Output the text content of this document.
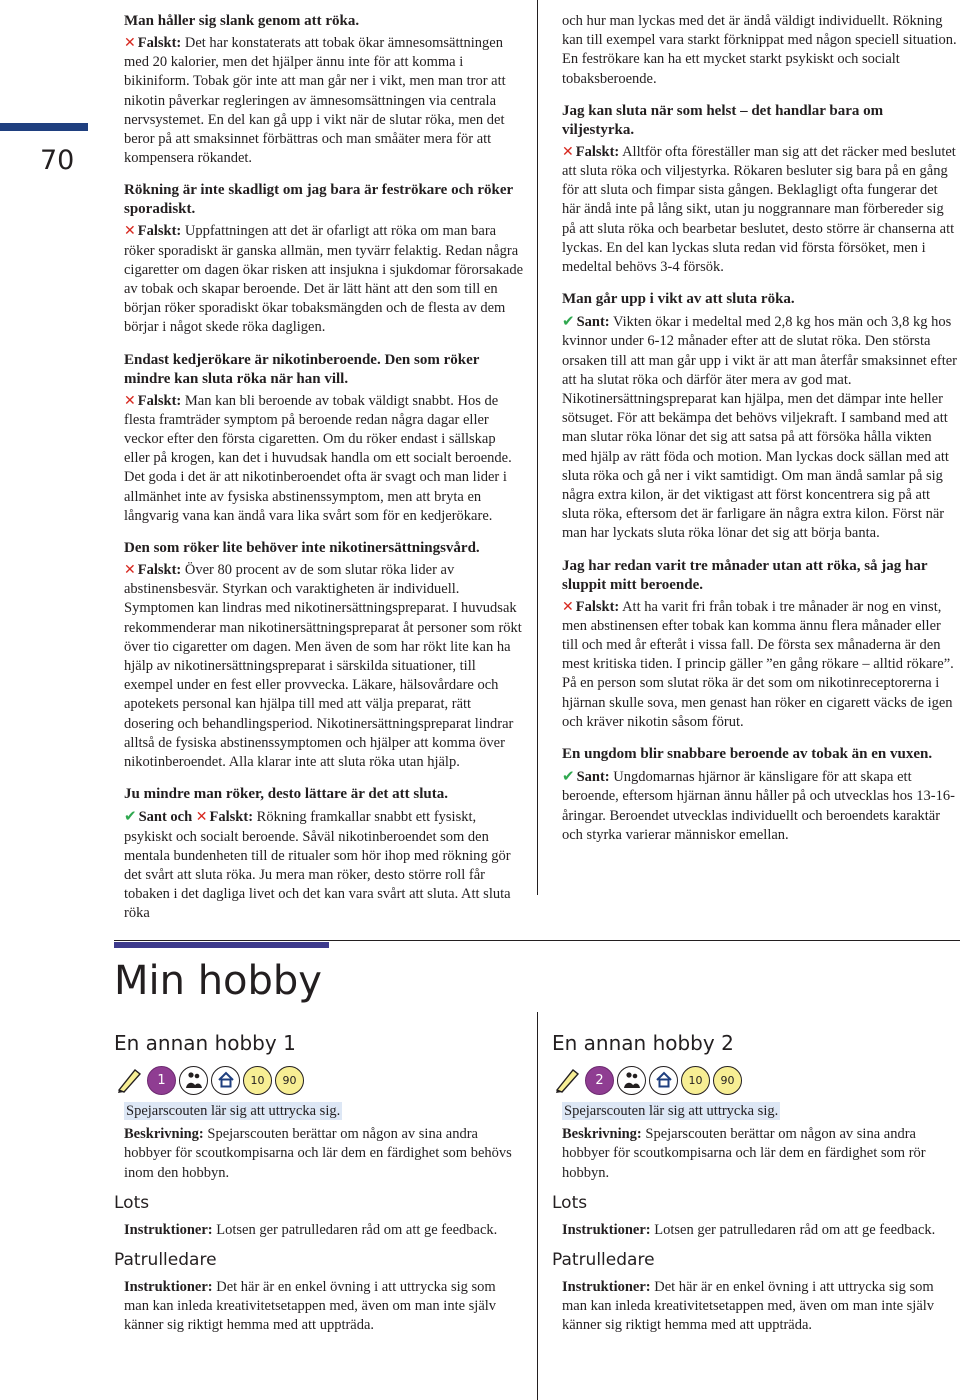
70
Man håller sig slank genom att röka.

✕ Falskt: Det har konstaterats att tobak ökar ämnesomsättningen med 20 kalorier, men det hjälper ännu inte för att komma i bikiniform. Tobak gör inte att man går ner i vikt, men man tror att nikotin påverkar regleringen av ämnesomsättningen via centrala nervsystemet. En del kan gå upp i vikt när de slutar röka, men det beror på att smaksinnet förbättras och man småäter mera för att kompensera rökandet.

Rökning är inte skadligt om jag bara är feströkare och röker sporadiskt.

✕ Falskt: Uppfattningen att det är ofarligt att röka om man bara röker sporadiskt är ganska allmän, men tyvärr felaktig. Redan några cigaretter om dagen ökar risken att insjukna i sjukdomar förorsakade av tobak och skapar beroende. Det är lätt hänt att den som till en början röker sporadiskt ökar tobaksmängden och de flesta av dem börjar i något skede röka dagligen.

Endast kedjerökare är nikotinberoende. Den som röker mindre kan sluta röka när han vill.

✕ Falskt: Man kan bli beroende av tobak väldigt snabbt. Hos de flesta framträder symptom på beroende redan några dagar eller veckor efter den första cigaretten. Om du röker endast i sällskap eller på krogen, kan det i huvudsak handla om ett socialt beroende. Det goda i det är att nikotinberoendet ofta är svagt och man lider i allmänhet inte av fysiska abstinenssymptom, men att bryta en långvarig vana kan ändå vara lika svårt som för en kedjerökare.

Den som röker lite behöver inte nikotinersättningsvård.

✕ Falskt: Över 80 procent av de som slutar röka lider av abstinensbesvär. Styrkan och varaktigheten är individuell. Symptomen kan lindras med nikotinersättningspreparat. I huvudsak rekommenderar man nikotinersättningspreparat åt personer som rökt över tio cigaretter om dagen. Men även de som har rökt lite kan ha hjälp av nikotinersättningspreparat i särskilda situationer, till exempel under en fest eller provvecka. Läkare, hälsovårdare och apotekets personal kan hjälpa till med att välja preparat, rätt dosering och behandlingsperiod. Nikotinersättningspreparat lindrar alltså de fysiska abstinenssymptomen och hjälper att komma över nikotinberoendet. Alla klarar inte att sluta röka utan hjälp.

Ju mindre man röker, desto lättare är det att sluta.

✔ Sant och ✕ Falskt: Rökning framkallar snabbt ett fysiskt, psykiskt och socialt beroende. Såväl nikotinberoendet som den mentala bundenheten till de ritualer som hör ihop med rökning gör det svårt att sluta röka. Ju mera man röker, desto större roll får tobaken i det dagliga livet och det kan vara svårt att sluta. Att sluta röka

och hur man lyckas med det är ändå väldigt individuellt. Rökning kan till exempel vara starkt förknippat med någon speciell situation. En feströkare kan ha ett mycket starkt psykiskt och socialt tobaksberoende.

Jag kan sluta när som helst – det handlar bara om viljestyrka.

✕ Falskt: Alltför ofta föreställer man sig att det räcker med beslutet att sluta röka och viljestyrka. Rökaren besluter sig bara på en gång för att sluta och fimpar sista gången. Beklagligt ofta fungerar det här ändå inte på lång sikt, utan ju noggrannare man förbereder sig på att sluta röka och bearbetar beslutet, desto större är chanserna att lyckas. En del kan lyckas sluta redan vid första försöket, men i medeltal behövs 3-4 försök.

Man går upp i vikt av att sluta röka.

✔ Sant: Vikten ökar i medeltal med 2,8 kg hos män och 3,8 kg hos kvinnor under 6-12 månader efter att de slutat röka. Den största orsaken till att man går upp i vikt är att man återfår smaksinnet efter att ha slutat röka och därför äter mera av god mat. Nikotinersättningspreparat kan hjälpa, men det dämpar inte heller sötsuget. För att bekämpa det behövs viljekraft. I samband med att man slutar röka lönar det sig att satsa på att försöka hålla vikten med hjälp av rätt föda och motion. Man lyckas dock sällan med att sluta röka och gå ner i vikt samtidigt. Om man ändå samlar på sig några extra kilon, är det viktigast att först koncentrera sig på att sluta röka, eftersom det är farligare än några extra kilon. Först när man har lyckats sluta röka lönar det sig att börja banta.

Jag har redan varit tre månader utan att röka, så jag har sluppit mitt beroende.

✕ Falskt: Att ha varit fri från tobak i tre månader är nog en vinst, men abstinensen efter tobak kan komma ännu flera månader eller till och med år efteråt i vissa fall. De första sex månaderna är den mest kritiska tiden. I princip gäller ”en gång rökare – alltid rökare”. På en person som slutat röka är det som om nikotinreceptorerna i hjärnan skulle sova, men genast han röker en cigarett väcks de igen och kräver nikotin såsom förut.

En ungdom blir snabbare beroende av tobak än en vuxen.

✔ Sant: Ungdomarnas hjärnor är känsligare för att skapa ett beroende, eftersom hjärnan ännu håller på och utvecklas hos 13-16-åringar. Beroendet utvecklas individuellt och beroendets karaktär och styrka varierar människor emellan.

Min hobby
En annan hobby 1
1	10	90

Spejarscouten lär sig att uttrycka sig.

Beskrivning: Spejarscouten berättar om någon av sina andra hobbyer för scoutkompisarna och lär dem en färdighet som behövs inom den hobbyn.

Lots

Instruktioner: Lotsen ger patrulledaren råd om att ge feedback.

Patrulledare

Instruktioner: Det här är en enkel övning i att uttrycka sig som man kan inleda kreativitetsetappen med, även om man inte själv känner sig riktigt hemma med att uppträda.

En annan hobby 2
2	10	90

Spejarscouten lär sig att uttrycka sig.

Beskrivning: Spejarscouten berättar om någon av sina andra hobbyer för scoutkompisarna och lär dem en färdighet som rör hobbyn.

Lots

Instruktioner: Lotsen ger patrulledaren råd om att ge feedback.

Patrulledare

Instruktioner: Det här är en enkel övning i att uttrycka sig som man kan inleda kreativitetsetappen med, även om man inte själv känner sig riktigt hemma med att uppträda.
